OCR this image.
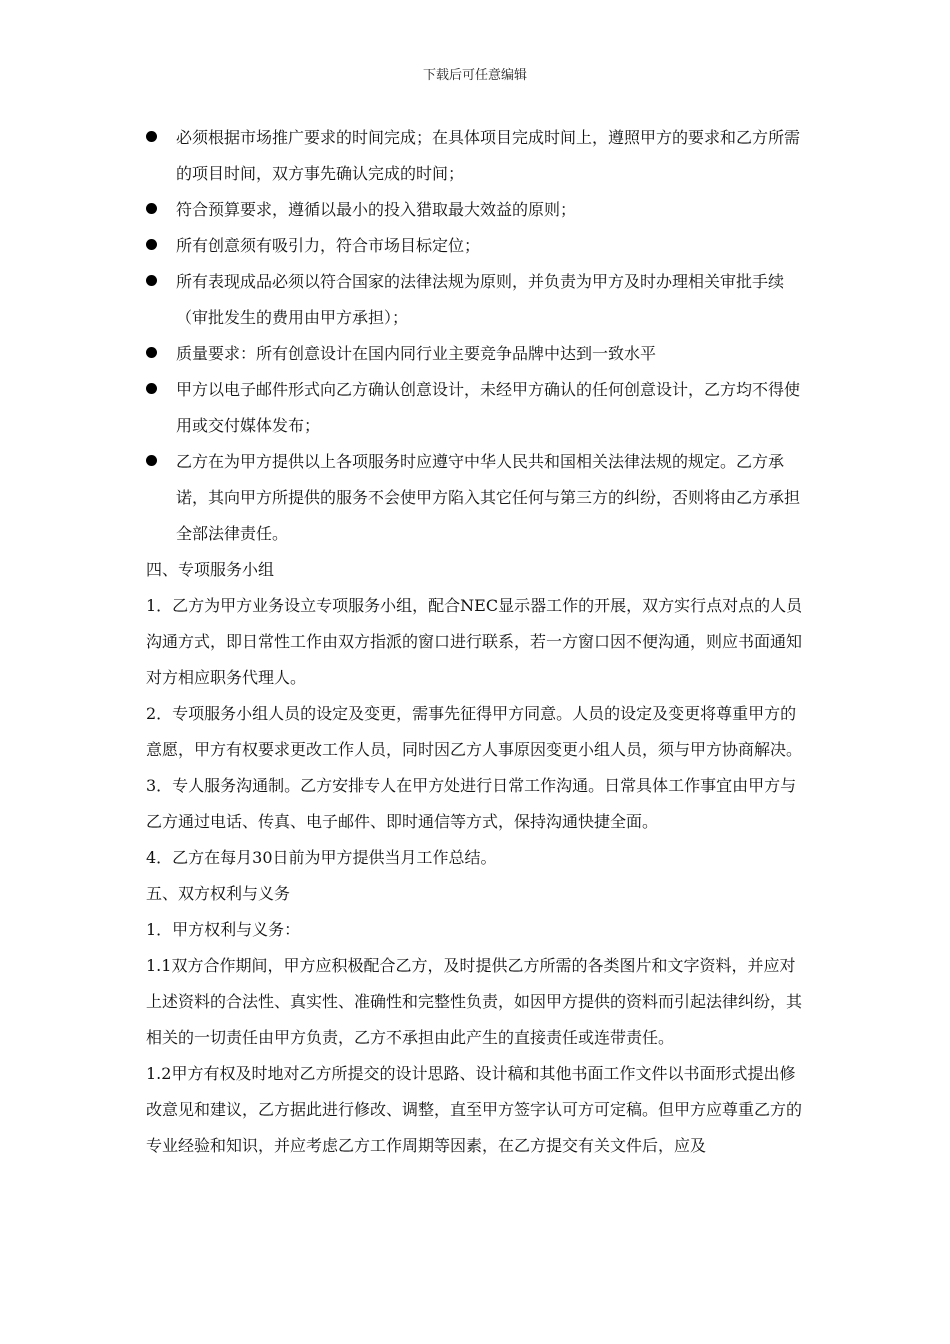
下载后可任意编辑
必须根据市场推广要求的时间完成；在具体项目完成时间上，遵照甲方的要求和乙方所需的项目时间，双方事先确认完成的时间；
符合预算要求，遵循以最小的投入猎取最大效益的原则；
所有创意须有吸引力，符合市场目标定位；
所有表现成品必须以符合国家的法律法规为原则，并负责为甲方及时办理相关审批手续（审批发生的费用由甲方承担）；
质量要求：所有创意设计在国内同行业主要竞争品牌中达到一致水平
甲方以电子邮件形式向乙方确认创意设计，未经甲方确认的任何创意设计，乙方均不得使用或交付媒体发布；
乙方在为甲方提供以上各项服务时应遵守中华人民共和国相关法律法规的规定。乙方承诺，其向甲方所提供的服务不会使甲方陷入其它任何与第三方的纠纷，否则将由乙方承担全部法律责任。
四、专项服务小组
1．乙方为甲方业务设立专项服务小组，配合NEC显示器工作的开展，双方实行点对点的人员沟通方式，即日常性工作由双方指派的窗口进行联系，若一方窗口因不便沟通，则应书面通知对方相应职务代理人。
2．专项服务小组人员的设定及变更，需事先征得甲方同意。人员的设定及变更将尊重甲方的意愿，甲方有权要求更改工作人员，同时因乙方人事原因变更小组人员，须与甲方协商解决。
3．专人服务沟通制。乙方安排专人在甲方处进行日常工作沟通。日常具体工作事宜由甲方与乙方通过电话、传真、电子邮件、即时通信等方式，保持沟通快捷全面。
4．乙方在每月30日前为甲方提供当月工作总结。
五、双方权利与义务
1．甲方权利与义务：
1.1双方合作期间，甲方应积极配合乙方，及时提供乙方所需的各类图片和文字资料，并应对上述资料的合法性、真实性、准确性和完整性负责，如因甲方提供的资料而引起法律纠纷，其相关的一切责任由甲方负责，乙方不承担由此产生的直接责任或连带责任。
1.2甲方有权及时地对乙方所提交的设计思路、设计稿和其他书面工作文件以书面形式提出修改意见和建议，乙方据此进行修改、调整，直至甲方签字认可方可定稿。但甲方应尊重乙方的专业经验和知识，并应考虑乙方工作周期等因素，在乙方提交有关文件后，应及
